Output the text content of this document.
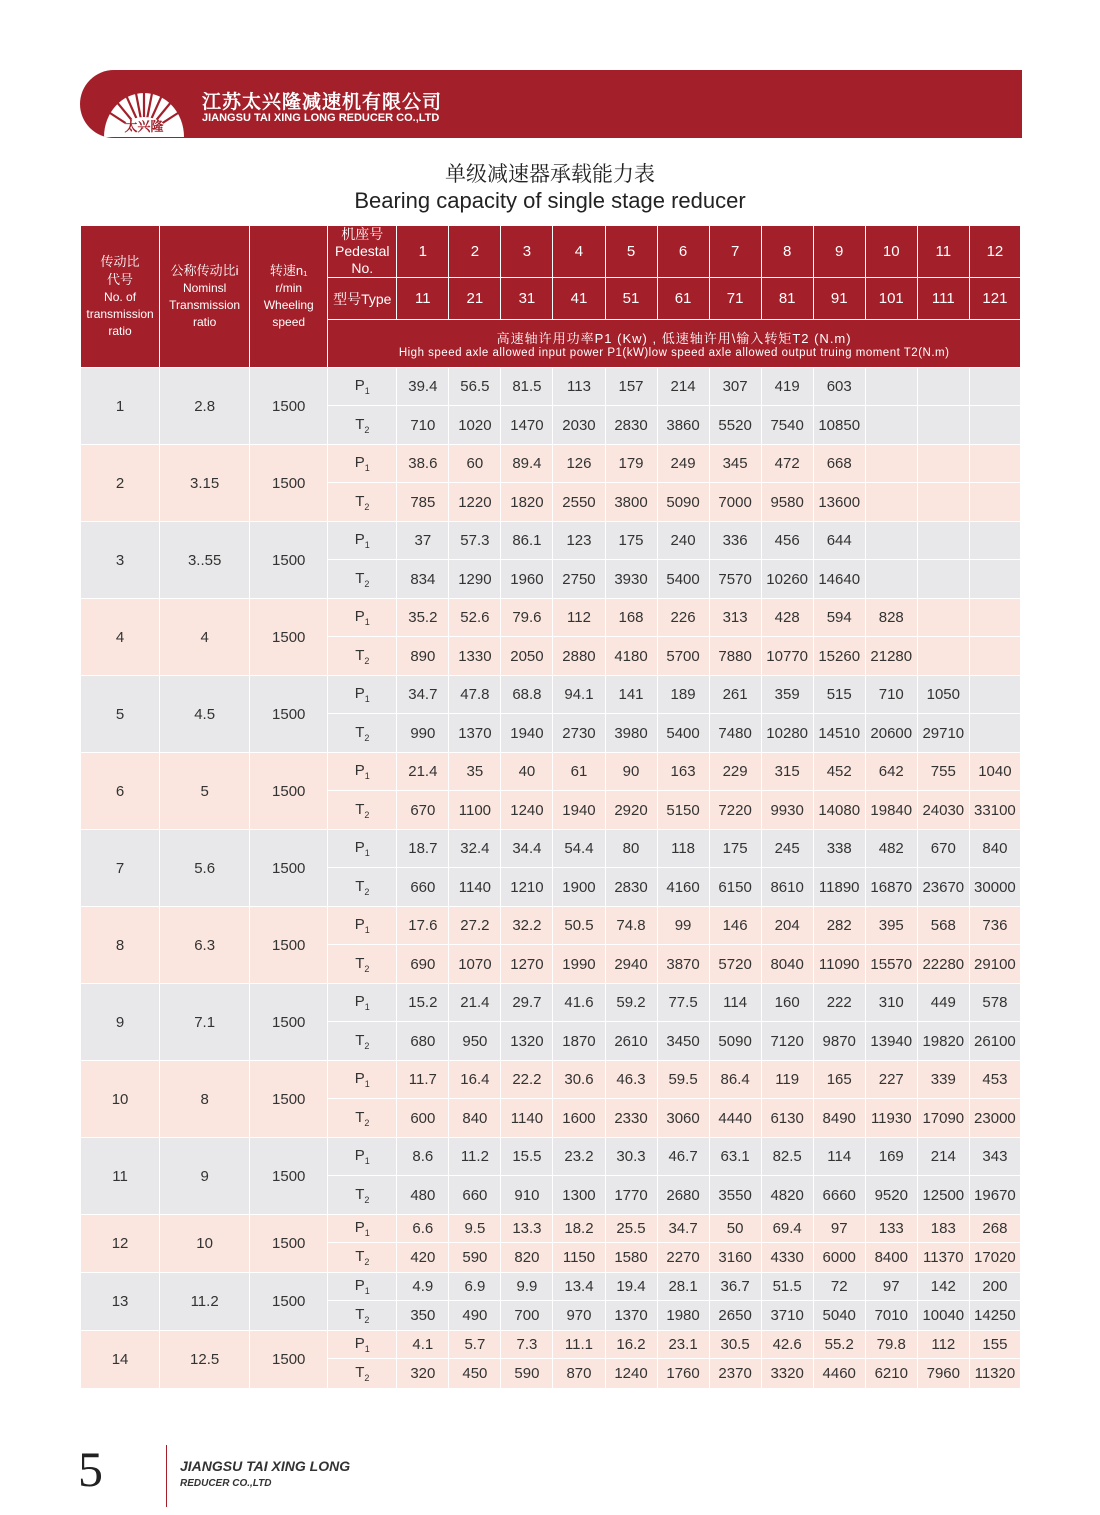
太兴隆
江苏太兴隆减速机有限公司
JIANGSU TAI XING LONG REDUCER CO.,LTD
单级减速器承载能力表
Bearing capacity of single stage reducer
传动比
代号
No. of
transmission
ratio	公称传动比i
Nominsl
Transmission
ratio	转速n₁
r/min
Wheeling
speed	机座号
Pedestal
No.	1	2	3	4	5	6	7	8	9	10	11	12
			型号Type	11	21	31	41	51	61	71	81	91	101	111	121

			高速轴许用功率P1 (Kw) , 低速轴许用\输入转矩T2 (N.m)
High speed axle allowed input power P1(kW)low speed axle allowed output truing moment T2(N.m)												

1	2.8	1500	$P_1$	39.4	56.5	81.5	113	157	214	307	419	603			
			$T_2$	710	1020	1470	2030	2830	3860	5520	7540	10850			
2	3.15	1500	$P_1$	38.6	60	89.4	126	179	249	345	472	668			
			$T_2$	785	1220	1820	2550	3800	5090	7000	9580	13600			
3	3..55	1500	$P_1$	37	57.3	86.1	123	175	240	336	456	644			
			$T_2$	834	1290	1960	2750	3930	5400	7570	10260	14640			
4	4	1500	$P_1$	35.2	52.6	79.6	112	168	226	313	428	594	828		
			$T_2$	890	1330	2050	2880	4180	5700	7880	10770	15260	21280		
5	4.5	1500	$P_1$	34.7	47.8	68.8	94.1	141	189	261	359	515	710	1050	
			$T_2$	990	1370	1940	2730	3980	5400	7480	10280	14510	20600	29710	
6	5	1500	$P_1$	21.4	35	40	61	90	163	229	315	452	642	755	1040
			$T_2$	670	1100	1240	1940	2920	5150	7220	9930	14080	19840	24030	33100
7	5.6	1500	$P_1$	18.7	32.4	34.4	54.4	80	118	175	245	338	482	670	840
			$T_2$	660	1140	1210	1900	2830	4160	6150	8610	11890	16870	23670	30000
8	6.3	1500	$P_1$	17.6	27.2	32.2	50.5	74.8	99	146	204	282	395	568	736
			$T_2$	690	1070	1270	1990	2940	3870	5720	8040	11090	15570	22280	29100
9	7.1	1500	$P_1$	15.2	21.4	29.7	41.6	59.2	77.5	114	160	222	310	449	578
			$T_2$	680	950	1320	1870	2610	3450	5090	7120	9870	13940	19820	26100
10	8	1500	$P_1$	11.7	16.4	22.2	30.6	46.3	59.5	86.4	119	165	227	339	453
			$T_2$	600	840	1140	1600	2330	3060	4440	6130	8490	11930	17090	23000
11	9	1500	$P_1$	8.6	11.2	15.5	23.2	30.3	46.7	63.1	82.5	114	169	214	343
			$T_2$	480	660	910	1300	1770	2680	3550	4820	6660	9520	12500	19670
12	10	1500	$P_1$	6.6	9.5	13.3	18.2	25.5	34.7	50	69.4	97	133	183	268
			$T_2$	420	590	820	1150	1580	2270	3160	4330	6000	8400	11370	17020
13	11.2	1500	$P_1$	4.9	6.9	9.9	13.4	19.4	28.1	36.7	51.5	72	97	142	200
			$T_2$	350	490	700	970	1370	1980	2650	3710	5040	7010	10040	14250
14	12.5	1500	$P_1$	4.1	5.7	7.3	11.1	16.2	23.1	30.5	42.6	55.2	79.8	112	155
			$T_2$	320	450	590	870	1240	1760	2370	3320	4460	6210	7960	11320
5	JIANGSU TAI XING LONG
REDUCER CO.,LTD
